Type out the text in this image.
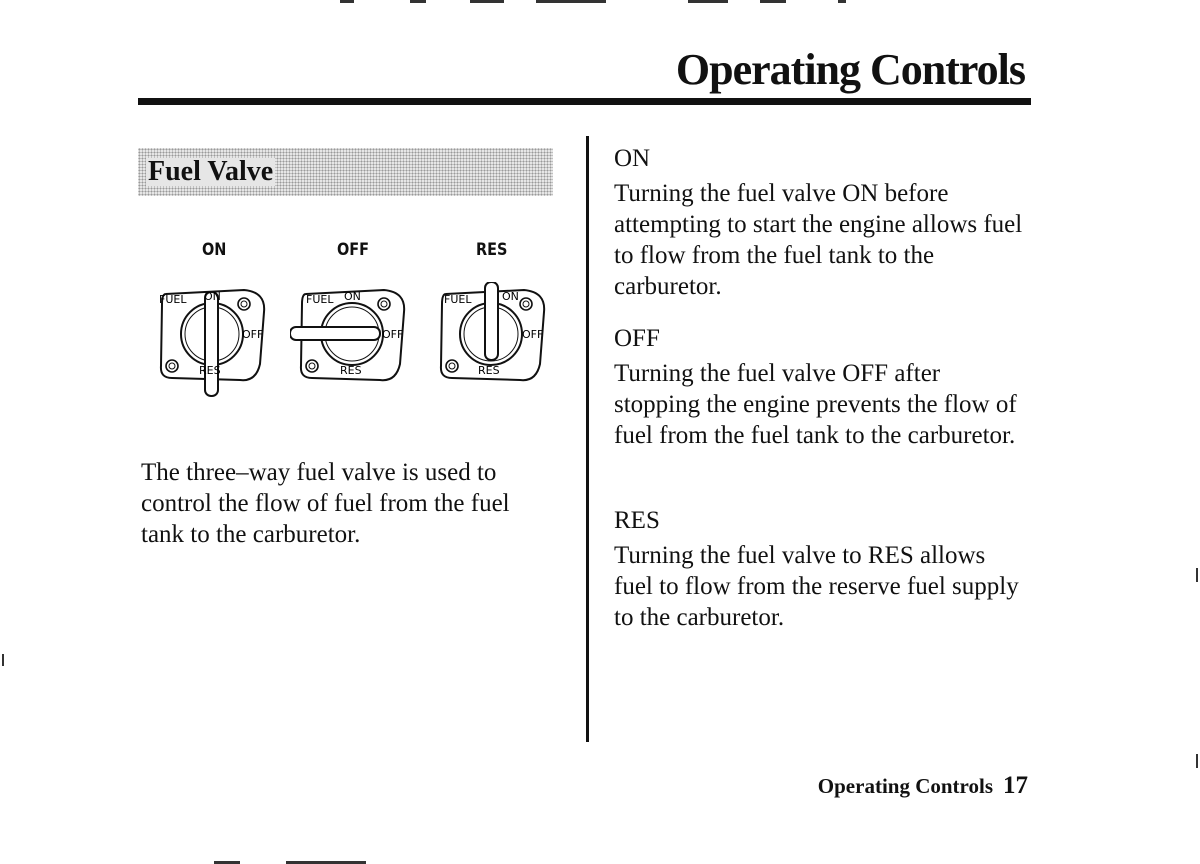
Operating Controls
Fuel Valve
ON	OFF	RES
FUEL ON
OFF
RES
FUEL ON
OFF
RES
FUEL	ON
OFF
RES

The three–way fuel valve is used to control the flow of fuel from the fuel tank to the carburetor.

ON

Turning the fuel valve ON before attempting to start the engine allows fuel to flow from the fuel tank to the carburetor.

OFF

Turning the fuel valve OFF after stopping the engine prevents the flow of fuel from the fuel tank to the carburetor.

RES

Turning the fuel valve to RES allows fuel to flow from the reserve fuel supply to the carburetor.

Operating Controls 17
